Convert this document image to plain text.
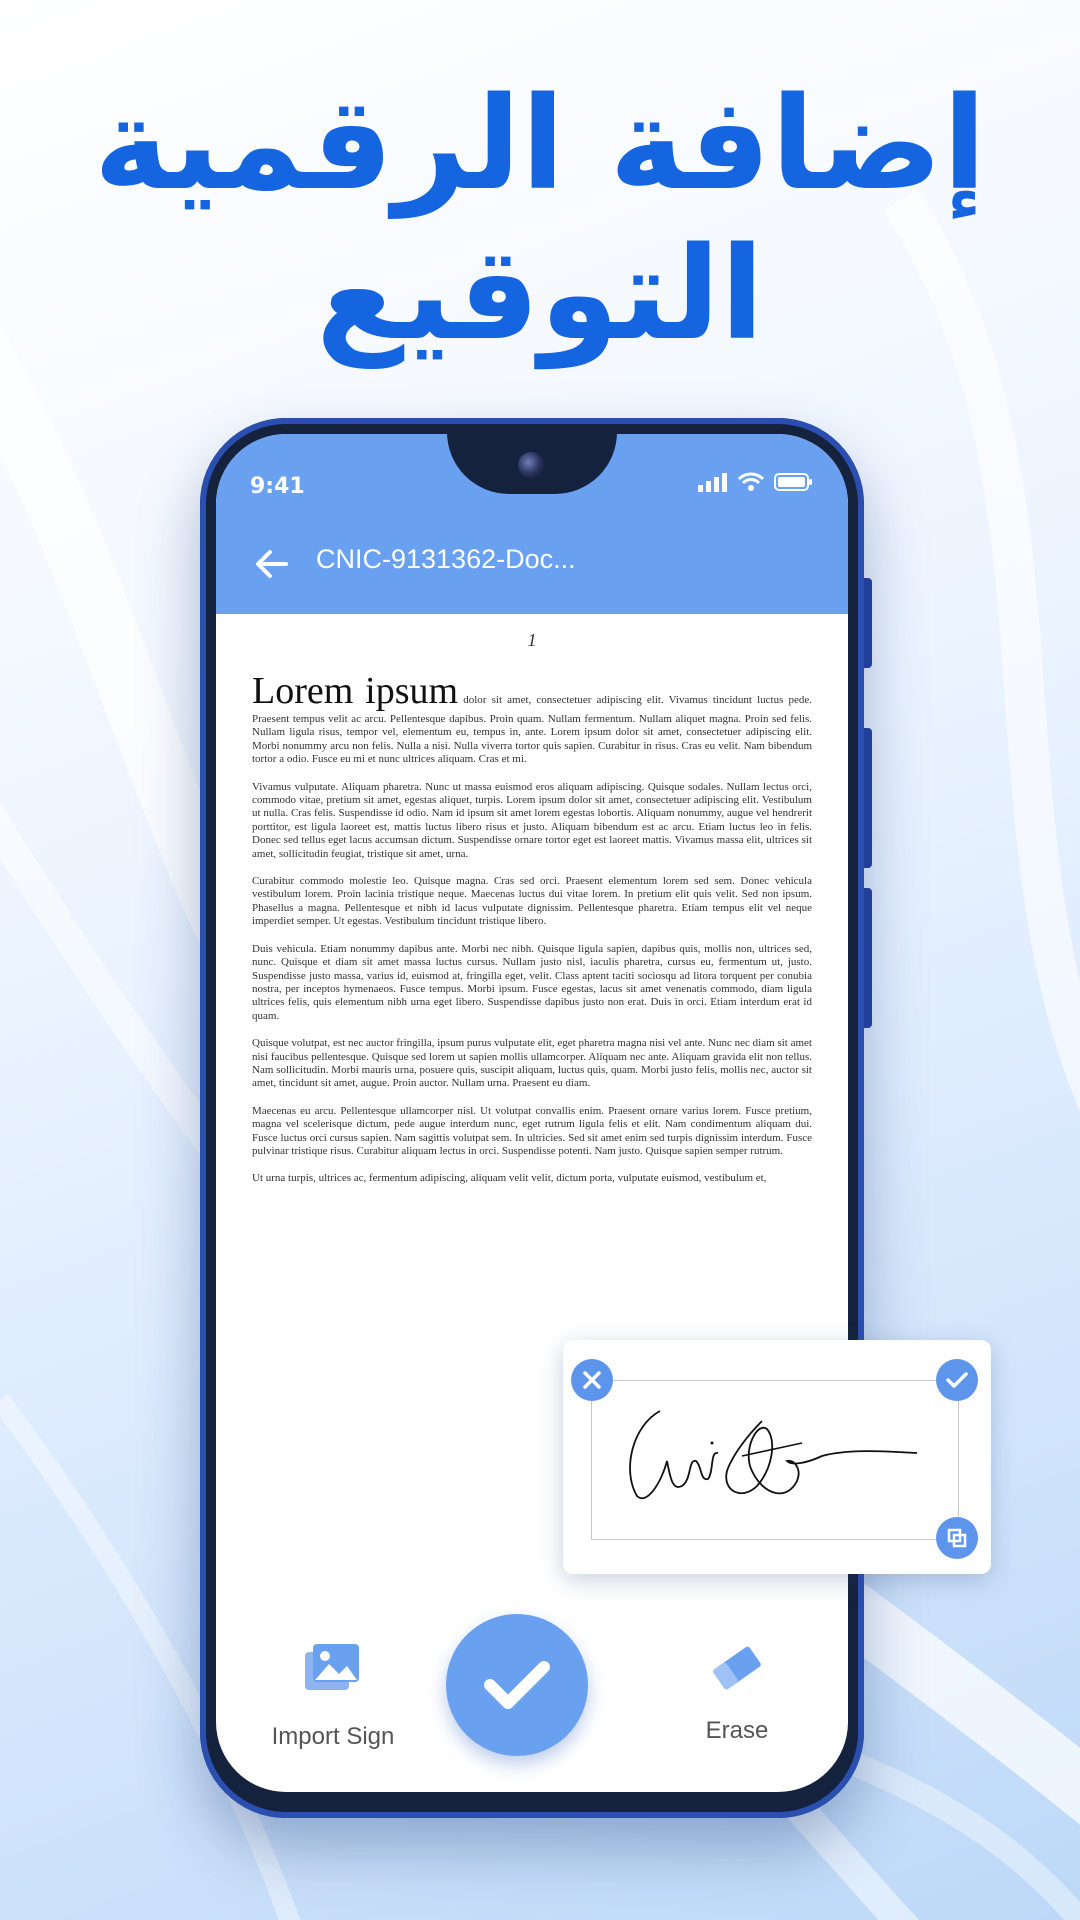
إضافة الرقمية
التوقيع
9:41
CNIC-9131362-Doc...
1

Lorem ipsum dolor sit amet, consectetuer adipiscing elit. Vivamus tincidunt luctus pede. Praesent tempus velit ac arcu. Pellentesque dapibus. Proin quam. Nullam fermentum. Nullam aliquet magna. Proin sed felis. Nullam ligula risus, tempor vel, elementum eu, tempus in, ante. Lorem ipsum dolor sit amet, consectetuer adipiscing elit. Morbi nonummy arcu non felis. Nulla a nisi. Nulla viverra tortor quis sapien. Curabitur in risus. Cras eu velit. Nam bibendum tortor a odio. Fusce eu mi et nunc ultrices aliquam. Cras et mi.

Vivamus vulputate. Aliquam pharetra. Nunc ut massa euismod eros aliquam adipiscing. Quisque sodales. Nullam lectus orci, commodo vitae, pretium sit amet, egestas aliquet, turpis. Lorem ipsum dolor sit amet, consectetuer adipiscing elit. Vestibulum ut nulla. Cras felis. Suspendisse id odio. Nam id ipsum sit amet lorem egestas lobortis. Aliquam nonummy, augue vel hendrerit porttitor, est ligula laoreet est, mattis luctus libero risus et justo. Aliquam bibendum est ac arcu. Etiam luctus leo in felis. Donec sed tellus eget lacus accumsan dictum. Suspendisse ornare tortor eget est laoreet mattis. Vivamus massa elit, ultrices sit amet, sollicitudin feugiat, tristique sit amet, urna.

Curabitur commodo molestie leo. Quisque magna. Cras sed orci. Praesent elementum lorem sed sem. Donec vehicula vestibulum lorem. Proin lacinia tristique neque. Maecenas luctus dui vitae lorem. In pretium elit quis velit. Sed non ipsum. Phasellus a magna. Pellentesque et nibh id lacus vulputate dignissim. Pellentesque pharetra. Etiam tempus elit vel neque imperdiet semper. Ut egestas. Vestibulum tincidunt tristique libero.

Duis vehicula. Etiam nonummy dapibus ante. Morbi nec nibh. Quisque ligula sapien, dapibus quis, mollis non, ultrices sed, nunc. Quisque et diam sit amet massa luctus cursus. Nullam justo nisl, iaculis pharetra, cursus eu, fermentum ut, justo. Suspendisse justo massa, varius id, euismod at, fringilla eget, velit. Class aptent taciti sociosqu ad litora torquent per conubia nostra, per inceptos hymenaeos. Fusce tempus. Morbi ipsum. Fusce egestas, lacus sit amet venenatis commodo, diam ligula ultrices felis, quis elementum nibh urna eget libero. Suspendisse dapibus justo non erat. Duis in orci. Etiam interdum erat id quam.

Quisque volutpat, est nec auctor fringilla, ipsum purus vulputate elit, eget pharetra magna nisi vel ante. Nunc nec diam sit amet nisi faucibus pellentesque. Quisque sed lorem ut sapien mollis ullamcorper. Aliquam nec ante. Aliquam gravida elit non tellus. Nam sollicitudin. Morbi mauris urna, posuere quis, suscipit aliquam, luctus quis, quam. Morbi justo felis, mollis nec, auctor sit amet, tincidunt sit amet, augue. Proin auctor. Nullam urna. Praesent eu diam.

Maecenas eu arcu. Pellentesque ullamcorper nisl. Ut volutpat convallis enim. Praesent ornare varius lorem. Fusce pretium, magna vel scelerisque dictum, pede augue interdum nunc, eget rutrum ligula felis et elit. Nam condimentum aliquam dui. Fusce luctus orci cursus sapien. Nam sagittis volutpat sem. In ultricies. Sed sit amet enim sed turpis dignissim interdum. Fusce pulvinar tristique risus. Curabitur aliquam lectus in orci. Suspendisse potenti. Nam justo. Quisque sapien semper rutrum.

Ut urna turpis, ultrices ac, fermentum adipiscing, aliquam velit velit, dictum porta, vulputate euismod, vestibulum et,

Import Sign	Erase
